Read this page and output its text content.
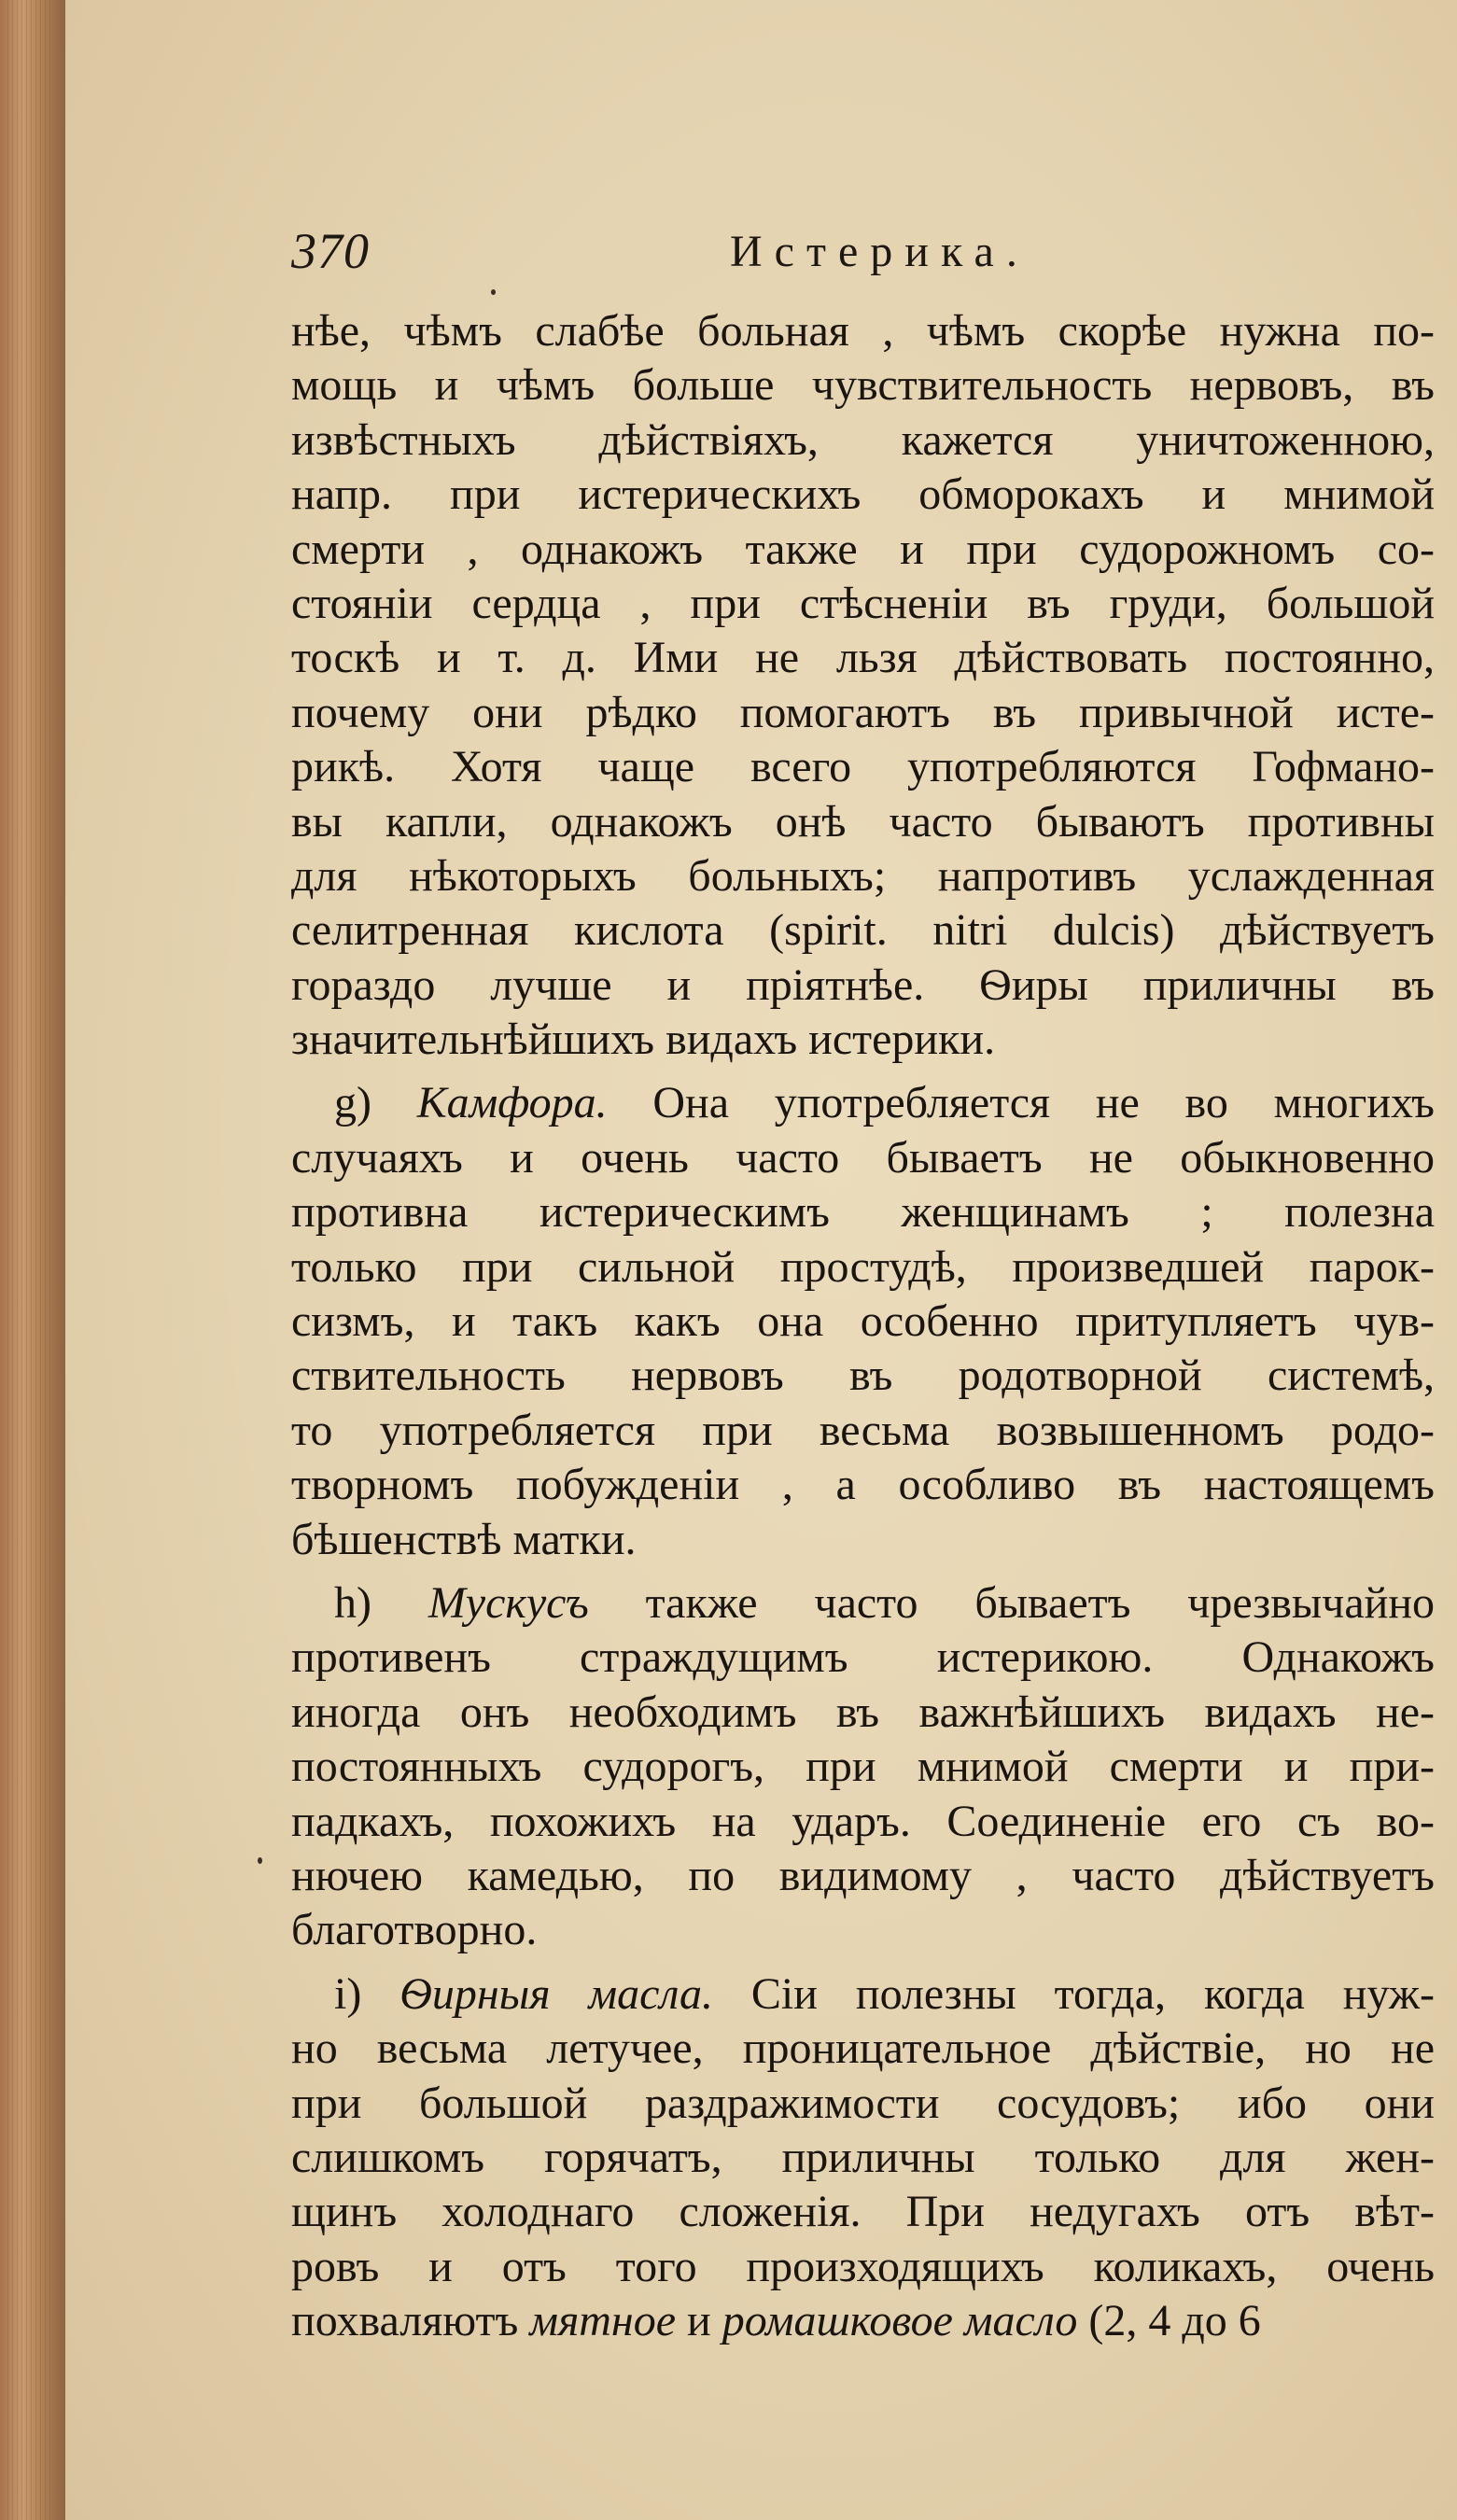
370	Истерика.
нѣе, чѣмъ слабѣе больная , чѣмъ скорѣе нужна по-
мощь и чѣмъ больше чувствительность нервовъ, въ
извѣстныхъ дѣйствіяхъ, кажется уничтоженною,
напр. при истерическихъ обморокахъ и мнимой
смерти , однакожъ также и при судорожномъ со-
стояніи сердца , при стѣсненіи въ груди, большой
тоскѣ и т. д. Ими не льзя дѣйствовать постоянно,
почему они рѣдко помогаютъ въ привычной исте-
рикѣ. Хотя чаще всего употребляются Гофмано-
вы капли, однакожъ онѣ часто бываютъ противны
для нѣкоторыхъ больныхъ; напротивъ услажденная
селитренная кислота (spirit. nitri dulcis) дѣйствуетъ
гораздо лучше и пріятнѣе. Ѳиры приличны въ
значительнѣйшихъ видахъ истерики.
g) Камфора. Она употребляется не во многихъ
случаяхъ и очень часто бываетъ не обыкновенно
противна истерическимъ женщинамъ ; полезна
только при сильной простудѣ, произведшей парок-
сизмъ, и такъ какъ она особенно притупляетъ чув-
ствительность нервовъ въ родотворной системѣ,
то употребляется при весьма возвышенномъ родо-
творномъ побужденіи , а особливо въ настоящемъ
бѣшенствѣ матки.
h) Мускусъ также часто бываетъ чрезвычайно
противенъ страждущимъ истерикою. Однакожъ
иногда онъ необходимъ въ важнѣйшихъ видахъ не-
постоянныхъ судорогъ, при мнимой смерти и при-
падкахъ, похожихъ на ударъ. Соединеніе его съ во-
нючею камедью, по видимому , часто дѣйствуетъ
благотворно.
i) Ѳирныя масла. Сіи полезны тогда, когда нуж-
но весьма летучее, проницательное дѣйствіе, но не
при большой раздражимости сосудовъ; ибо они
слишкомъ горячатъ, приличны только для жен-
щинъ холоднаго сложенія. При недугахъ отъ вѣт-
ровъ и отъ того произходящихъ коликахъ, очень
похваляютъ мятное и ромашковое масло (2, 4 до 6
